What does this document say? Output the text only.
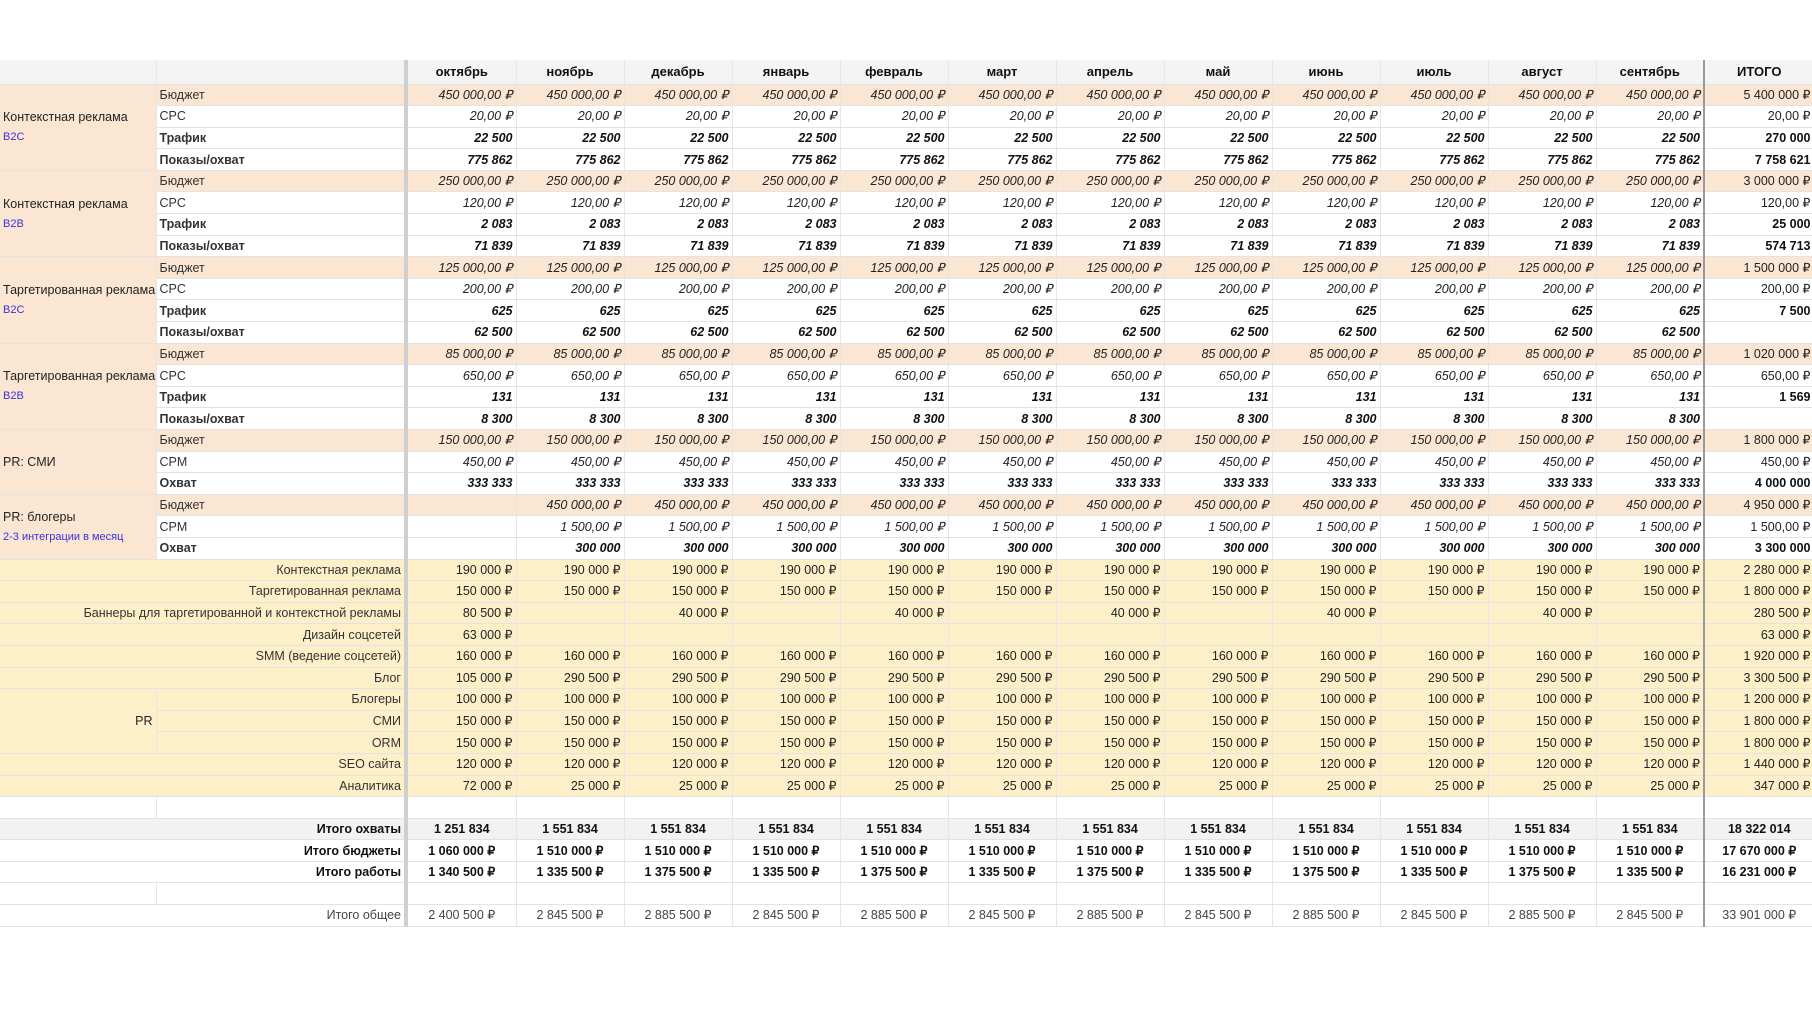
		октябрь	ноябрь	декабрь	январь	февраль	март	апрель	май	июнь	июль	август	сентябрь	ИТОГО

Контекстная реклама
B2C	Бюджет	450 000,00 ₽	450 000,00 ₽	450 000,00 ₽	450 000,00 ₽	450 000,00 ₽	450 000,00 ₽	450 000,00 ₽	450 000,00 ₽	450 000,00 ₽	450 000,00 ₽	450 000,00 ₽	450 000,00 ₽	5 400 000 ₽
	CPC	20,00 ₽	20,00 ₽	20,00 ₽	20,00 ₽	20,00 ₽	20,00 ₽	20,00 ₽	20,00 ₽	20,00 ₽	20,00 ₽	20,00 ₽	20,00 ₽	20,00 ₽
	Трафик	22 500	22 500	22 500	22 500	22 500	22 500	22 500	22 500	22 500	22 500	22 500	22 500	270 000
	Показы/охват	775 862	775 862	775 862	775 862	775 862	775 862	775 862	775 862	775 862	775 862	775 862	775 862	7 758 621

Контекстная реклама
B2B	Бюджет	250 000,00 ₽	250 000,00 ₽	250 000,00 ₽	250 000,00 ₽	250 000,00 ₽	250 000,00 ₽	250 000,00 ₽	250 000,00 ₽	250 000,00 ₽	250 000,00 ₽	250 000,00 ₽	250 000,00 ₽	3 000 000 ₽
	CPC	120,00 ₽	120,00 ₽	120,00 ₽	120,00 ₽	120,00 ₽	120,00 ₽	120,00 ₽	120,00 ₽	120,00 ₽	120,00 ₽	120,00 ₽	120,00 ₽	120,00 ₽
	Трафик	2 083	2 083	2 083	2 083	2 083	2 083	2 083	2 083	2 083	2 083	2 083	2 083	25 000
	Показы/охват	71 839	71 839	71 839	71 839	71 839	71 839	71 839	71 839	71 839	71 839	71 839	71 839	574 713

Таргетированная реклама
B2C	Бюджет	125 000,00 ₽	125 000,00 ₽	125 000,00 ₽	125 000,00 ₽	125 000,00 ₽	125 000,00 ₽	125 000,00 ₽	125 000,00 ₽	125 000,00 ₽	125 000,00 ₽	125 000,00 ₽	125 000,00 ₽	1 500 000 ₽
	CPC	200,00 ₽	200,00 ₽	200,00 ₽	200,00 ₽	200,00 ₽	200,00 ₽	200,00 ₽	200,00 ₽	200,00 ₽	200,00 ₽	200,00 ₽	200,00 ₽	200,00 ₽
	Трафик	625	625	625	625	625	625	625	625	625	625	625	625	7 500
	Показы/охват	62 500	62 500	62 500	62 500	62 500	62 500	62 500	62 500	62 500	62 500	62 500	62 500	

Таргетированная реклама
B2B	Бюджет	85 000,00 ₽	85 000,00 ₽	85 000,00 ₽	85 000,00 ₽	85 000,00 ₽	85 000,00 ₽	85 000,00 ₽	85 000,00 ₽	85 000,00 ₽	85 000,00 ₽	85 000,00 ₽	85 000,00 ₽	1 020 000 ₽
	CPC	650,00 ₽	650,00 ₽	650,00 ₽	650,00 ₽	650,00 ₽	650,00 ₽	650,00 ₽	650,00 ₽	650,00 ₽	650,00 ₽	650,00 ₽	650,00 ₽	650,00 ₽
	Трафик	131	131	131	131	131	131	131	131	131	131	131	131	1 569
	Показы/охват	8 300	8 300	8 300	8 300	8 300	8 300	8 300	8 300	8 300	8 300	8 300	8 300	

PR: СМИ	Бюджет	150 000,00 ₽	150 000,00 ₽	150 000,00 ₽	150 000,00 ₽	150 000,00 ₽	150 000,00 ₽	150 000,00 ₽	150 000,00 ₽	150 000,00 ₽	150 000,00 ₽	150 000,00 ₽	150 000,00 ₽	1 800 000 ₽
	CPM	450,00 ₽	450,00 ₽	450,00 ₽	450,00 ₽	450,00 ₽	450,00 ₽	450,00 ₽	450,00 ₽	450,00 ₽	450,00 ₽	450,00 ₽	450,00 ₽	450,00 ₽
	Охват	333 333	333 333	333 333	333 333	333 333	333 333	333 333	333 333	333 333	333 333	333 333	333 333	4 000 000

PR: блогеры
2-3 интеграции в месяц	Бюджет		450 000,00 ₽	450 000,00 ₽	450 000,00 ₽	450 000,00 ₽	450 000,00 ₽	450 000,00 ₽	450 000,00 ₽	450 000,00 ₽	450 000,00 ₽	450 000,00 ₽	450 000,00 ₽	4 950 000 ₽
	CPM		1 500,00 ₽	1 500,00 ₽	1 500,00 ₽	1 500,00 ₽	1 500,00 ₽	1 500,00 ₽	1 500,00 ₽	1 500,00 ₽	1 500,00 ₽	1 500,00 ₽	1 500,00 ₽	1 500,00 ₽
	Охват		300 000	300 000	300 000	300 000	300 000	300 000	300 000	300 000	300 000	300 000	300 000	3 300 000
Контекстная реклама		190 000 ₽	190 000 ₽	190 000 ₽	190 000 ₽	190 000 ₽	190 000 ₽	190 000 ₽	190 000 ₽	190 000 ₽	190 000 ₽	190 000 ₽	190 000 ₽	2 280 000 ₽
Таргетированная реклама		150 000 ₽	150 000 ₽	150 000 ₽	150 000 ₽	150 000 ₽	150 000 ₽	150 000 ₽	150 000 ₽	150 000 ₽	150 000 ₽	150 000 ₽	150 000 ₽	1 800 000 ₽
Баннеры для таргетированной и контекстной рекламы		80 500 ₽		40 000 ₽		40 000 ₽		40 000 ₽		40 000 ₽		40 000 ₽		280 500 ₽
Дизайн соцсетей		63 000 ₽												63 000 ₽
SMM (ведение соцсетей)		160 000 ₽	160 000 ₽	160 000 ₽	160 000 ₽	160 000 ₽	160 000 ₽	160 000 ₽	160 000 ₽	160 000 ₽	160 000 ₽	160 000 ₽	160 000 ₽	1 920 000 ₽
Блог		105 000 ₽	290 500 ₽	290 500 ₽	290 500 ₽	290 500 ₽	290 500 ₽	290 500 ₽	290 500 ₽	290 500 ₽	290 500 ₽	290 500 ₽	290 500 ₽	3 300 500 ₽
PR	Блогеры	100 000 ₽	100 000 ₽	100 000 ₽	100 000 ₽	100 000 ₽	100 000 ₽	100 000 ₽	100 000 ₽	100 000 ₽	100 000 ₽	100 000 ₽	100 000 ₽	1 200 000 ₽
	СМИ	150 000 ₽	150 000 ₽	150 000 ₽	150 000 ₽	150 000 ₽	150 000 ₽	150 000 ₽	150 000 ₽	150 000 ₽	150 000 ₽	150 000 ₽	150 000 ₽	1 800 000 ₽
	ORM	150 000 ₽	150 000 ₽	150 000 ₽	150 000 ₽	150 000 ₽	150 000 ₽	150 000 ₽	150 000 ₽	150 000 ₽	150 000 ₽	150 000 ₽	150 000 ₽	1 800 000 ₽
SEO сайта		120 000 ₽	120 000 ₽	120 000 ₽	120 000 ₽	120 000 ₽	120 000 ₽	120 000 ₽	120 000 ₽	120 000 ₽	120 000 ₽	120 000 ₽	120 000 ₽	1 440 000 ₽
Аналитика		72 000 ₽	25 000 ₽	25 000 ₽	25 000 ₽	25 000 ₽	25 000 ₽	25 000 ₽	25 000 ₽	25 000 ₽	25 000 ₽	25 000 ₽	25 000 ₽	347 000 ₽

Итого охваты		1 251 834	1 551 834	1 551 834	1 551 834	1 551 834	1 551 834	1 551 834	1 551 834	1 551 834	1 551 834	1 551 834	1 551 834	18 322 014
Итого бюджеты		1 060 000 ₽	1 510 000 ₽	1 510 000 ₽	1 510 000 ₽	1 510 000 ₽	1 510 000 ₽	1 510 000 ₽	1 510 000 ₽	1 510 000 ₽	1 510 000 ₽	1 510 000 ₽	1 510 000 ₽	17 670 000 ₽
Итого работы		1 340 500 ₽	1 335 500 ₽	1 375 500 ₽	1 335 500 ₽	1 375 500 ₽	1 335 500 ₽	1 375 500 ₽	1 335 500 ₽	1 375 500 ₽	1 335 500 ₽	1 375 500 ₽	1 335 500 ₽	16 231 000 ₽

Итого общее		2 400 500 ₽	2 845 500 ₽	2 885 500 ₽	2 845 500 ₽	2 885 500 ₽	2 845 500 ₽	2 885 500 ₽	2 845 500 ₽	2 885 500 ₽	2 845 500 ₽	2 885 500 ₽	2 845 500 ₽	33 901 000 ₽
